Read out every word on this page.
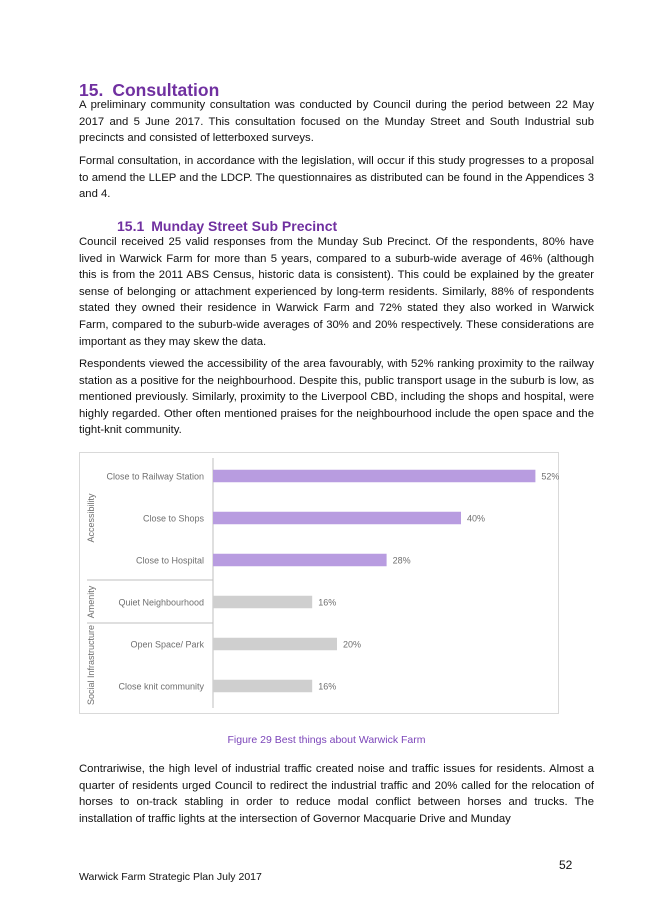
15. Consultation

A preliminary community consultation was conducted by Council during the period between 22 May 2017 and 5 June 2017. This consultation focused on the Munday Street and South Industrial sub precincts and consisted of letterboxed surveys.

Formal consultation, in accordance with the legislation, will occur if this study progresses to a proposal to amend the LLEP and the LDCP. The questionnaires as distributed can be found in the Appendices 3 and 4.

15.1 Munday Street Sub Precinct

Council received 25 valid responses from the Munday Sub Precinct. Of the respondents, 80% have lived in Warwick Farm for more than 5 years, compared to a suburb-wide average of 46% (although this is from the 2011 ABS Census, historic data is consistent). This could be explained by the greater sense of belonging or attachment experienced by long-term residents. Similarly, 88% of respondents stated they owned their residence in Warwick Farm and 72% stated they also worked in Warwick Farm, compared to the suburb-wide averages of 30% and 20% respectively. These considerations are important as they may skew the data.

Respondents viewed the accessibility of the area favourably, with 52% ranking proximity to the railway station as a positive for the neighbourhood. Despite this, public transport usage in the suburb is low, as mentioned previously. Similarly, proximity to the Liverpool CBD, including the shops and hospital, were highly regarded. Other often mentioned praises for the neighbourhood include the open space and the tight-knit community.

Close to Railway Station	52%
Close to Shops	40%
Close to Hospital	28%
Quiet Neighbourhood	16%
Open Space/ Park	20%
Close knit community	16%
Accessibility
Amenity
Social Infrastructure

Figure 29 Best things about Warwick Farm

Contrariwise, the high level of industrial traffic created noise and traffic issues for residents. Almost a quarter of residents urged Council to redirect the industrial traffic and 20% called for the relocation of horses to on-track stabling in order to reduce modal conflict between horses and trucks. The installation of traffic lights at the intersection of Governor Macquarie Drive and Munday

52
Warwick Farm Strategic Plan July 2017
